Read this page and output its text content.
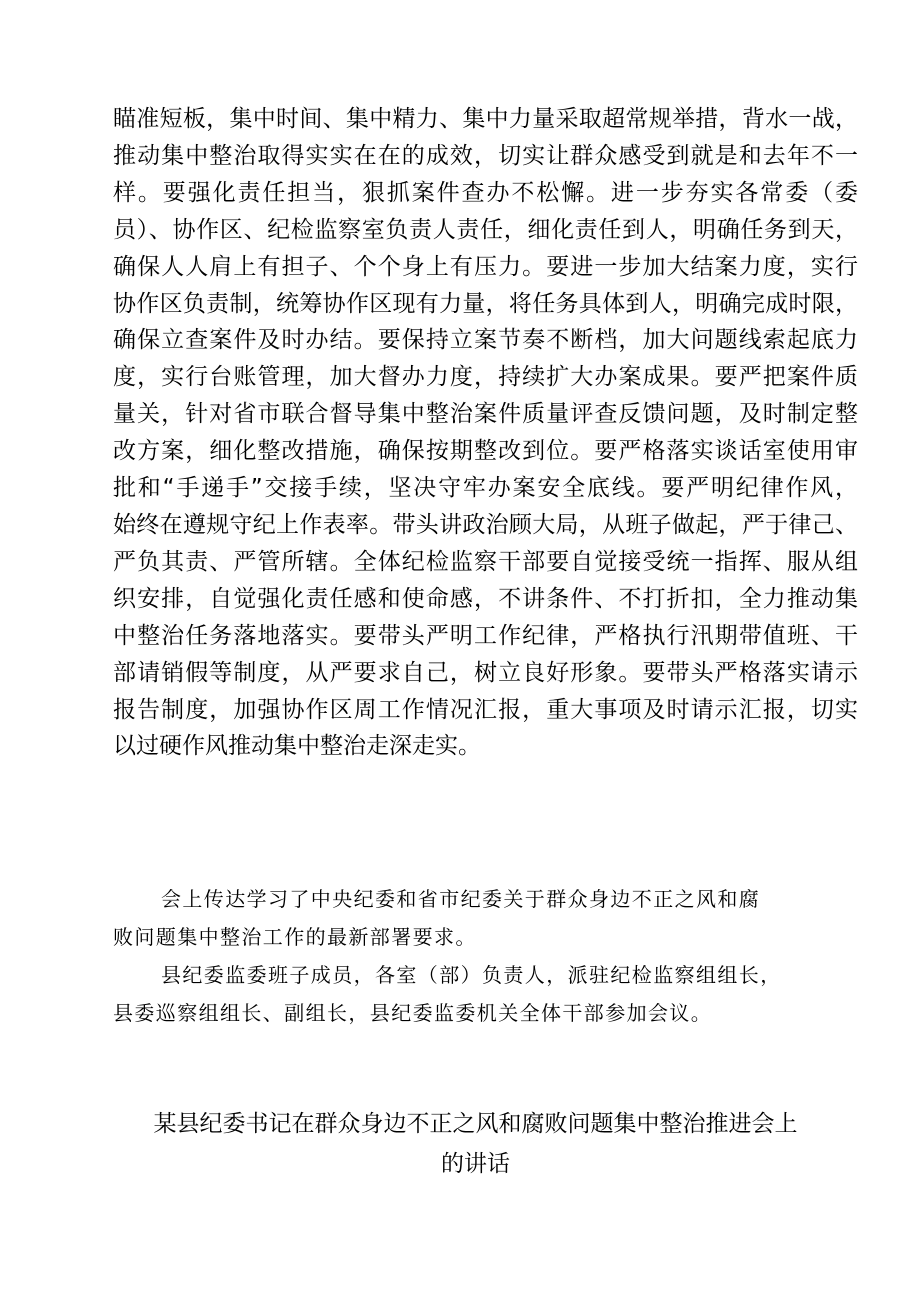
瞄准短板，集中时间、集中精力、集中力量采取超常规举措，背水一战，
推动集中整治取得实实在在的成效，切实让群众感受到就是和去年不一
样。要强化责任担当，狠抓案件查办不松懈。进一步夯实各常委（委
员）、协作区、纪检监察室负责人责任，细化责任到人，明确任务到天，
确保人人肩上有担子、个个身上有压力。要进一步加大结案力度，实行
协作区负责制，统筹协作区现有力量，将任务具体到人，明确完成时限，
确保立查案件及时办结。要保持立案节奏不断档，加大问题线索起底力
度，实行台账管理，加大督办力度，持续扩大办案成果。要严把案件质
量关，针对省市联合督导集中整治案件质量评查反馈问题，及时制定整
改方案，细化整改措施，确保按期整改到位。要严格落实谈话室使用审
批和“手递手”交接手续，坚决守牢办案安全底线。要严明纪律作风，
始终在遵规守纪上作表率。带头讲政治顾大局，从班子做起，严于律己、
严负其责、严管所辖。全体纪检监察干部要自觉接受统一指挥、服从组
织安排，自觉强化责任感和使命感，不讲条件、不打折扣，全力推动集
中整治任务落地落实。要带头严明工作纪律，严格执行汛期带值班、干
部请销假等制度，从严要求自己，树立良好形象。要带头严格落实请示
报告制度，加强协作区周工作情况汇报，重大事项及时请示汇报，切实
以过硬作风推动集中整治走深走实。
会上传达学习了中央纪委和省市纪委关于群众身边不正之风和腐
败问题集中整治工作的最新部署要求。
县纪委监委班子成员，各室（部）负责人，派驻纪检监察组组长，
县委巡察组组长、副组长，县纪委监委机关全体干部参加会议。
某县纪委书记在群众身边不正之风和腐败问题集中整治推进会上
的讲话
